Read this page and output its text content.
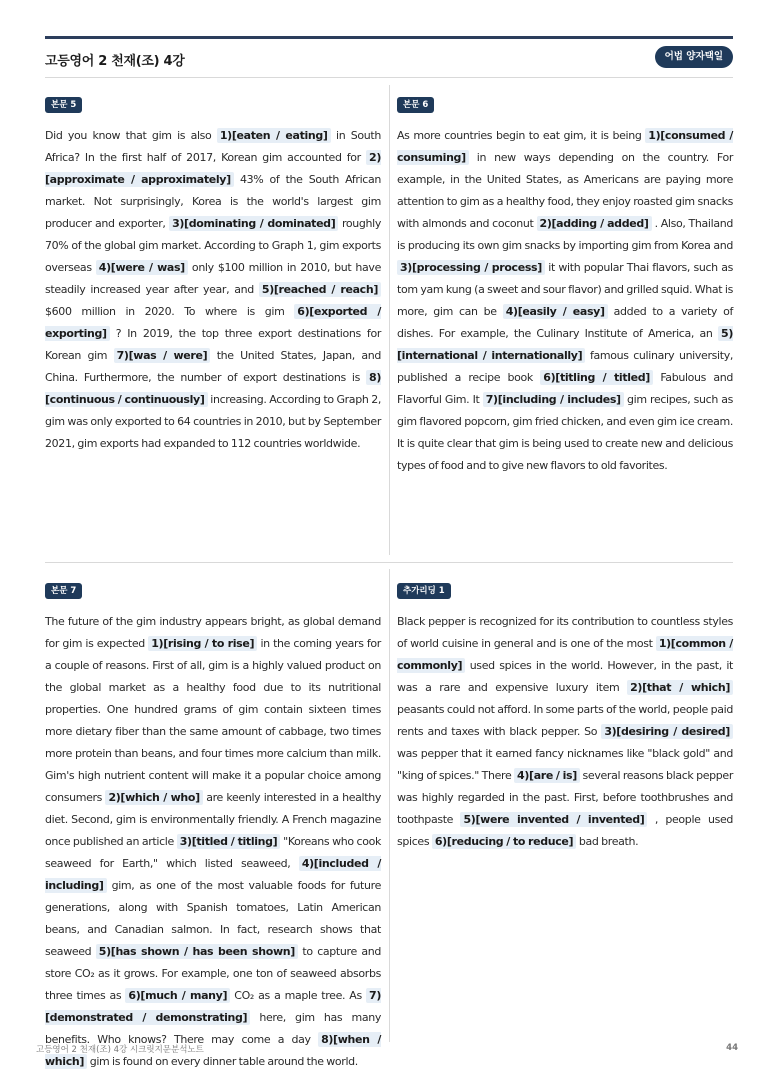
고등영어 2 천재(조) 4강	어법 양자택일
본문 5
Did you know that gim is also 1)[eaten / eating] in South Africa? In the first half of 2017, Korean gim accounted for 2)[approximate / approximately] 43% of the South African market. Not surprisingly, Korea is the world's largest gim producer and exporter, 3)[dominating / dominated] roughly 70% of the global gim market. According to Graph 1, gim exports overseas 4)[were / was] only $100 million in 2010, but have steadily increased year after year, and 5)[reached / reach] $600 million in 2020. To where is gim 6)[exported / exporting] ? In 2019, the top three export destinations for Korean gim 7)[was / were] the United States, Japan, and China. Furthermore, the number of export destinations is 8)[continuous / continuously] increasing. According to Graph 2, gim was only exported to 64 countries in 2010, but by September 2021, gim exports had expanded to 112 countries worldwide.
본문 6
As more countries begin to eat gim, it is being 1)[consumed / consuming] in new ways depending on the country. For example, in the United States, as Americans are paying more attention to gim as a healthy food, they enjoy roasted gim snacks with almonds and coconut 2)[adding / added] . Also, Thailand is producing its own gim snacks by importing gim from Korea and 3)[processing / process] it with popular Thai flavors, such as tom yam kung (a sweet and sour flavor) and grilled squid. What is more, gim can be 4)[easily / easy] added to a variety of dishes. For example, the Culinary Institute of America, an 5)[international / internationally] famous culinary university, published a recipe book 6)[titling / titled] Fabulous and Flavorful Gim. It 7)[including / includes] gim recipes, such as gim flavored popcorn, gim fried chicken, and even gim ice cream. It is quite clear that gim is being used to create new and delicious types of food and to give new flavors to old favorites.
본문 7
The future of the gim industry appears bright, as global demand for gim is expected 1)[rising / to rise] in the coming years for a couple of reasons. First of all, gim is a highly valued product on the global market as a healthy food due to its nutritional properties. One hundred grams of gim contain sixteen times more dietary fiber than the same amount of cabbage, two times more protein than beans, and four times more calcium than milk. Gim's high nutrient content will make it a popular choice among consumers 2)[which / who] are keenly interested in a healthy diet. Second, gim is environmentally friendly. A French magazine once published an article 3)[titled / titling] "Koreans who cook seaweed for Earth," which listed seaweed, 4)[included / including] gim, as one of the most valuable foods for future generations, along with Spanish tomatoes, Latin American beans, and Canadian salmon. In fact, research shows that seaweed 5)[has shown / has been shown] to capture and store CO₂ as it grows. For example, one ton of seaweed absorbs three times as 6)[much / many] CO₂ as a maple tree. As 7)[demonstrated / demonstrating] here, gim has many benefits. Who knows? There may come a day 8)[when / which] gim is found on every dinner table around the world.
추가리딩 1
Black pepper is recognized for its contribution to countless styles of world cuisine in general and is one of the most 1)[common / commonly] used spices in the world. However, in the past, it was a rare and expensive luxury item 2)[that / which] peasants could not afford. In some parts of the world, people paid rents and taxes with black pepper. So 3)[desiring / desired] was pepper that it earned fancy nicknames like "black gold" and "king of spices." There 4)[are / is] several reasons black pepper was highly regarded in the past. First, before toothbrushes and toothpaste 5)[were invented / invented] , people used spices 6)[reducing / to reduce] bad breath.
고등영어 2 천재(조) 4강 시크릿지문분석노트	44
